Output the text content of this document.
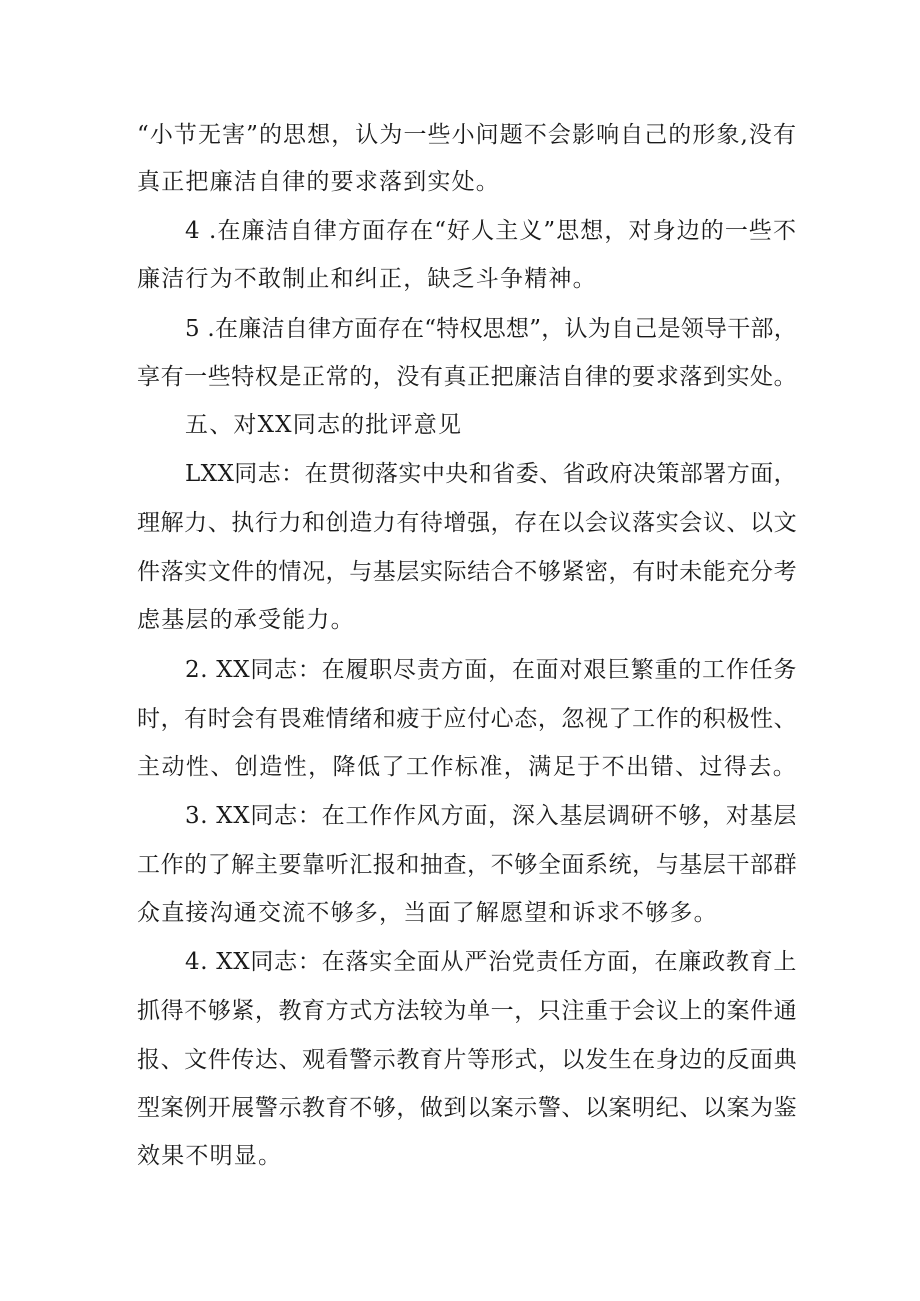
“小节无害”的思想，认为一些小问题不会影响自己的形象,没有
真正把廉洁自律的要求落到实处。
4 .在廉洁自律方面存在“好人主义”思想，对身边的一些不
廉洁行为不敢制止和纠正，缺乏斗争精神。
5 .在廉洁自律方面存在“特权思想”，认为自己是领导干部，
享有一些特权是正常的，没有真正把廉洁自律的要求落到实处。
五、对XX同志的批评意见
LXX同志：在贯彻落实中央和省委、省政府决策部署方面，
理解力、执行力和创造力有待增强，存在以会议落实会议、以文
件落实文件的情况，与基层实际结合不够紧密，有时未能充分考
虑基层的承受能力。
2. XX同志：在履职尽责方面，在面对艰巨繁重的工作任务
时，有时会有畏难情绪和疲于应付心态，忽视了工作的积极性、
主动性、创造性，降低了工作标准，满足于不出错、过得去。
3. XX同志：在工作作风方面，深入基层调研不够，对基层
工作的了解主要靠听汇报和抽查，不够全面系统，与基层干部群
众直接沟通交流不够多，当面了解愿望和诉求不够多。
4. XX同志：在落实全面从严治党责任方面，在廉政教育上
抓得不够紧，教育方式方法较为单一，只注重于会议上的案件通
报、文件传达、观看警示教育片等形式，以发生在身边的反面典
型案例开展警示教育不够，做到以案示警、以案明纪、以案为鉴
效果不明显。
